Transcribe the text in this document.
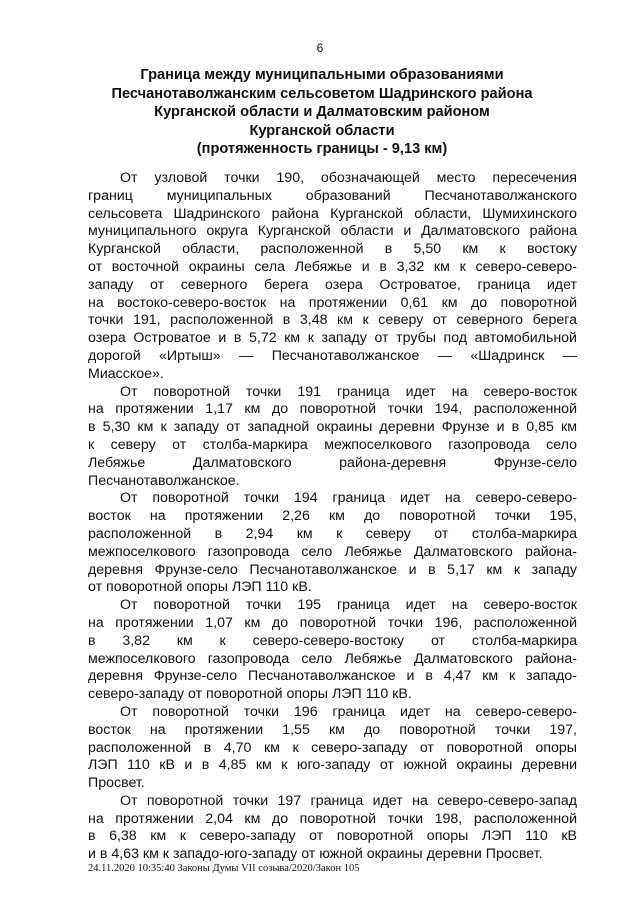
6
Граница между муниципальными образованиями
Песчанотаволжанским сельсоветом Шадринского района
Курганской области и Далматовским районом
Курганской области
(протяженность границы - 9,13 км)
От узловой точки 190, обозначающей место пересечения
границ муниципальных образований Песчанотаволжанского
сельсовета Шадринского района Курганской области, Шумихинского
муниципального округа Курганской области и Далматовского района
Курганской области, расположенной в 5,50 км к востоку
от восточной окраины села Лебяжье и в 3,32 км к северо-северо-
западу от северного берега озера Островатое, граница идет
на востоко-северо-восток на протяжении 0,61 км до поворотной
точки 191, расположенной в 3,48 км к северу от северного берега
озера Островатое и в 5,72 км к западу от трубы под автомобильной
дорогой «Иртыш» — Песчанотаволжанское — «Шадринск —
Миасское».
От поворотной точки 191 граница идет на северо-восток
на протяжении 1,17 км до поворотной точки 194, расположенной
в 5,30 км к западу от западной окраины деревни Фрунзе и в 0,85 км
к северу от столба-маркира межпоселкового газопровода село
Лебяжье Далматовского района-деревня Фрунзе-село
Песчанотаволжанское.
От поворотной точки 194 граница идет на северо-северо-
восток на протяжении 2,26 км до поворотной точки 195,
расположенной в 2,94 км к северу от столба-маркира
межпоселкового газопровода село Лебяжье Далматовского района-
деревня Фрунзе-село Песчанотаволжанское и в 5,17 км к западу
от поворотной опоры ЛЭП 110 кВ.
От поворотной точки 195 граница идет на северо-восток
на протяжении 1,07 км до поворотной точки 196, расположенной
в 3,82 км к северо-северо-востоку от столба-маркира
межпоселкового газопровода село Лебяжье Далматовского района-
деревня Фрунзе-село Песчанотаволжанское и в 4,47 км к западо-
северо-западу от поворотной опоры ЛЭП 110 кВ.
От поворотной точки 196 граница идет на северо-северо-
восток на протяжении 1,55 км до поворотной точки 197,
расположенной в 4,70 км к северо-западу от поворотной опоры
ЛЭП 110 кВ и в 4,85 км к юго-западу от южной окраины деревни
Просвет.
От поворотной точки 197 граница идет на северо-северо-запад
на протяжении 2,04 км до поворотной точки 198, расположенной
в 6,38 км к северо-западу от поворотной опоры ЛЭП 110 кВ
и в 4,63 км к западо-юго-западу от южной окраины деревни Просвет.
24.11.2020 10:35:40 Законы Думы VII созыва/2020/Закон 105
